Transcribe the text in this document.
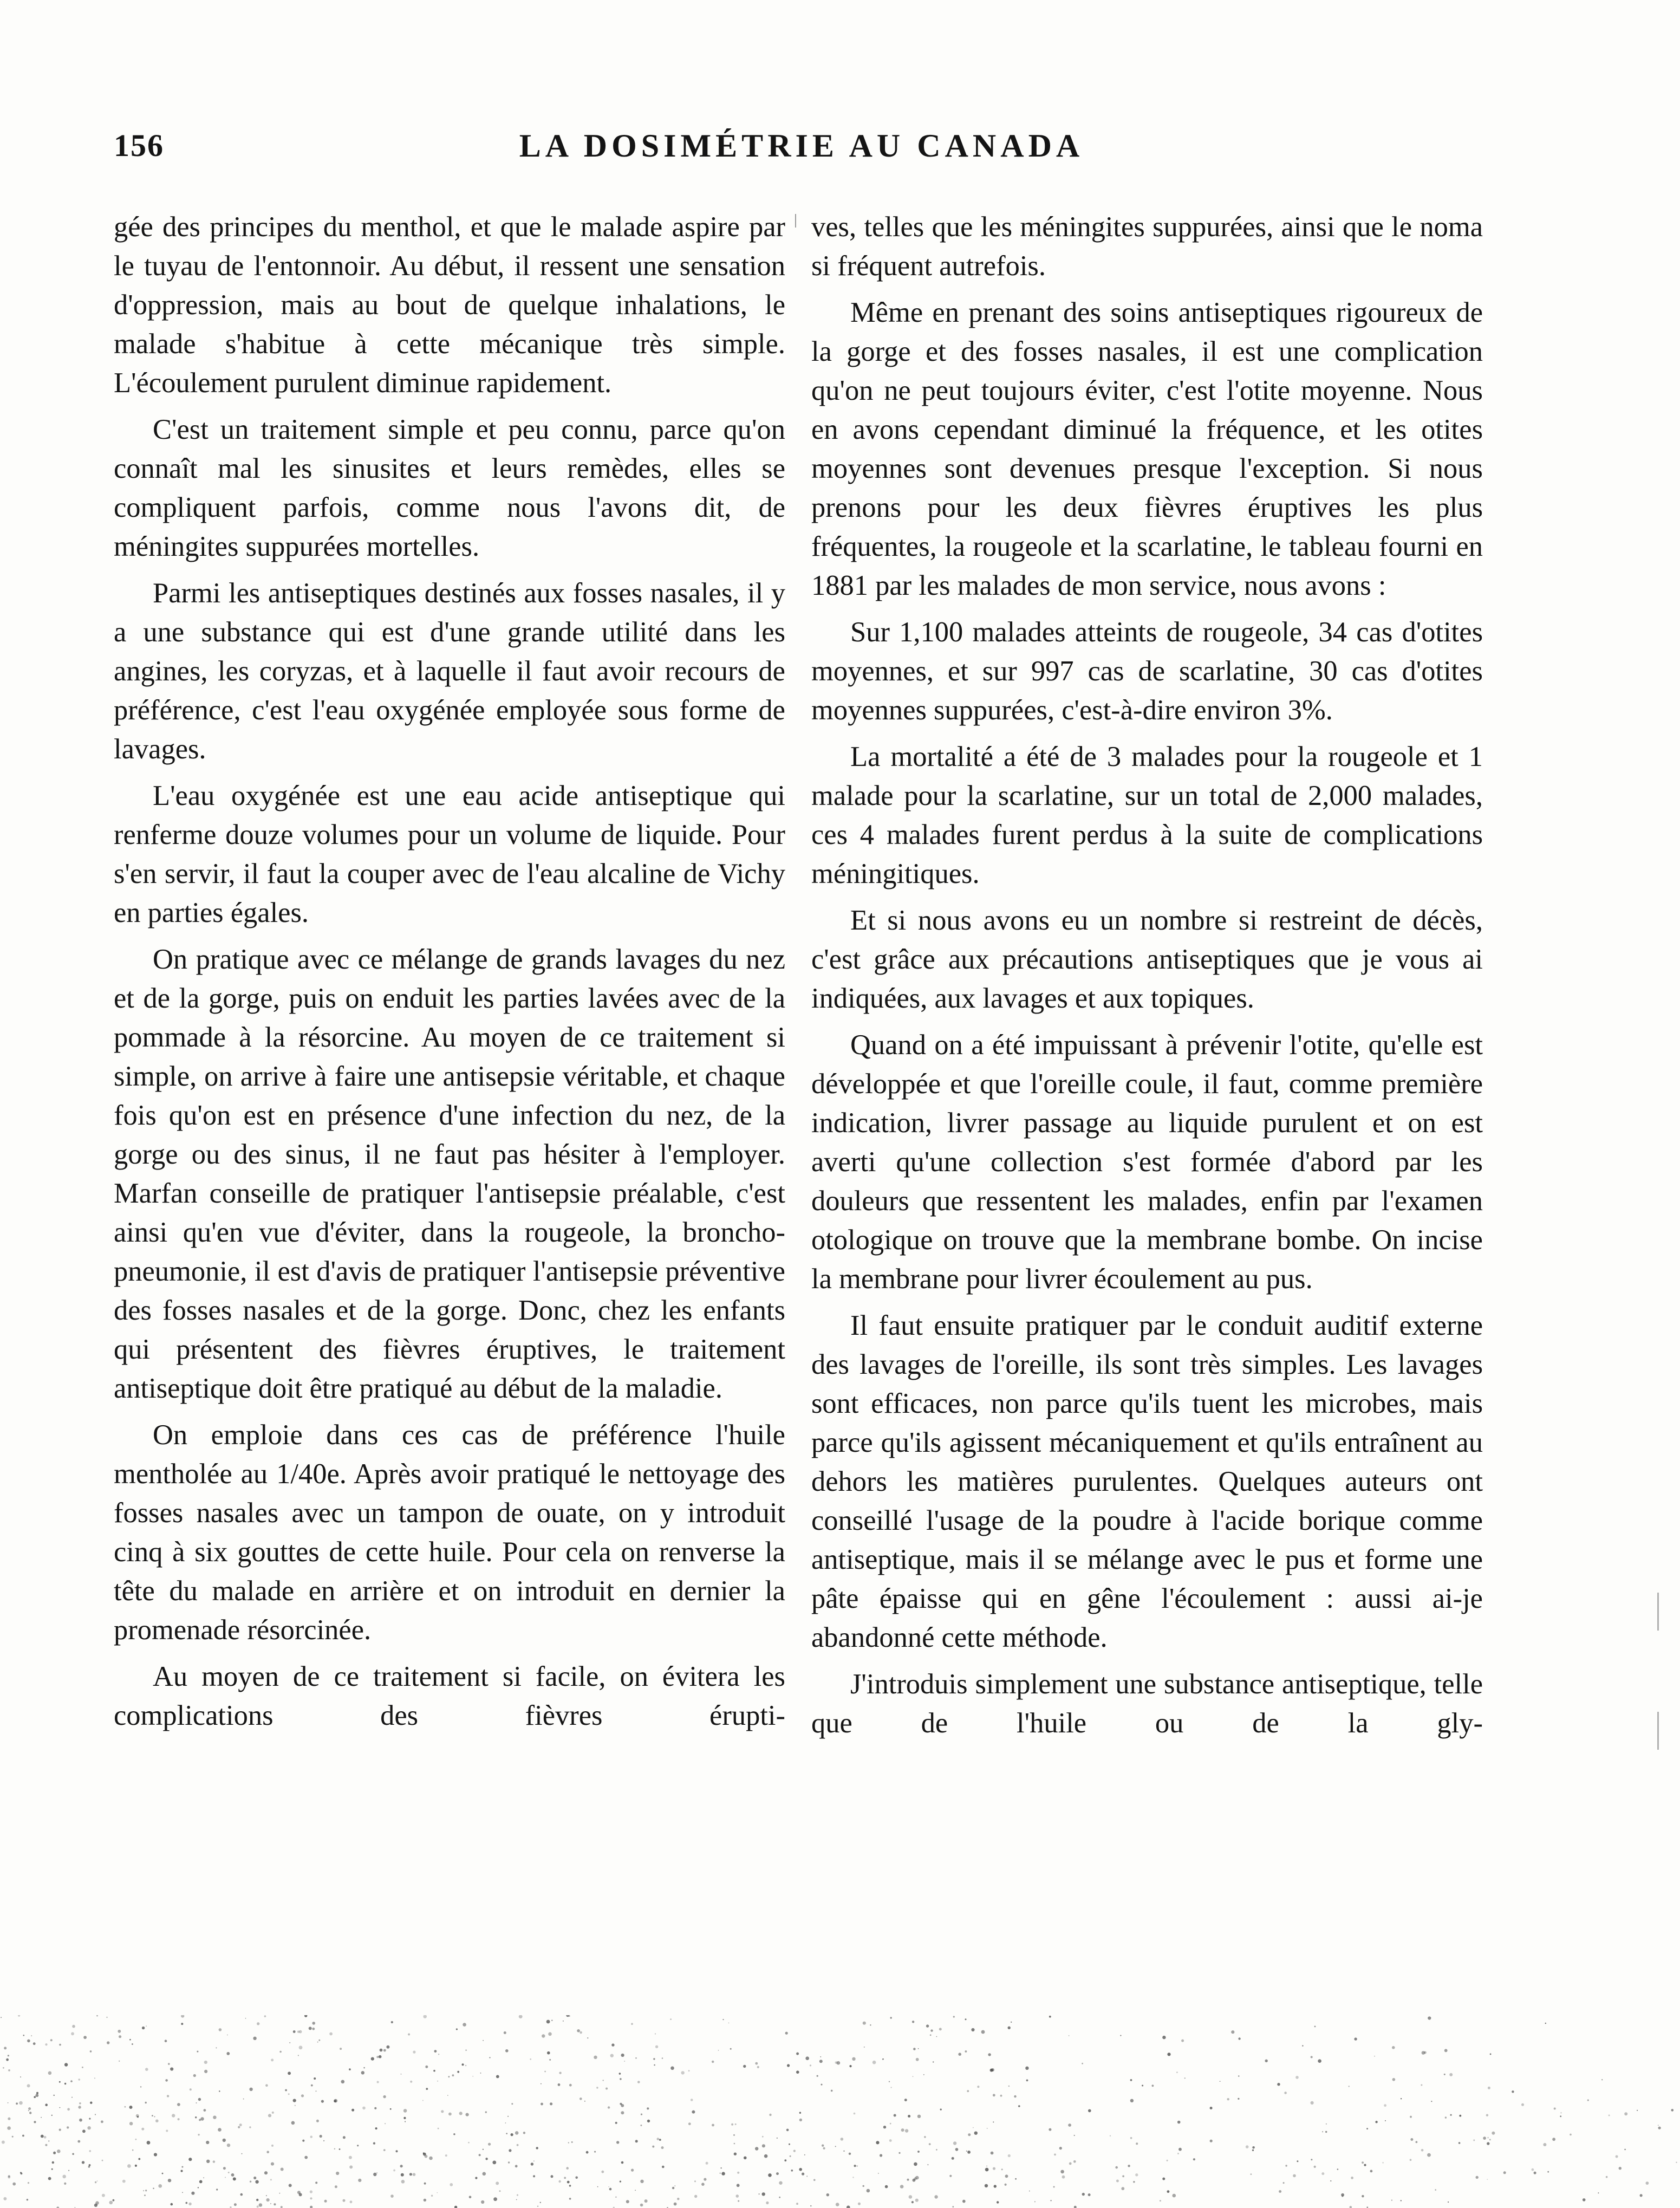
156	LA DOSIMÉTRIE AU CANADA

gée des principes du menthol, et que le malade aspire par le tuyau de l'entonnoir. Au début, il ressent une sensation d'oppression, mais au bout de quelque inhalations, le malade s'habitue à cette mécanique très simple. L'écoulement purulent diminue rapidement.

C'est un traitement simple et peu connu, parce qu'on connaît mal les sinusites et leurs remèdes, elles se compliquent parfois, comme nous l'avons dit, de méningites suppurées mortelles.

Parmi les antiseptiques destinés aux fosses nasales, il y a une substance qui est d'une grande utilité dans les angines, les coryzas, et à laquelle il faut avoir recours de préférence, c'est l'eau oxygénée employée sous forme de lavages.

L'eau oxygénée est une eau acide antiseptique qui renferme douze volumes pour un volume de liquide. Pour s'en servir, il faut la couper avec de l'eau alcaline de Vichy en parties égales.

On pratique avec ce mélange de grands lavages du nez et de la gorge, puis on enduit les parties lavées avec de la pommade à la résorcine. Au moyen de ce traitement si simple, on arrive à faire une antisepsie véritable, et chaque fois qu'on est en présence d'une infection du nez, de la gorge ou des sinus, il ne faut pas hésiter à l'employer. Marfan conseille de pratiquer l'antisepsie préalable, c'est ainsi qu'en vue d'éviter, dans la rougeole, la broncho-pneumonie, il est d'avis de pratiquer l'antisepsie préventive des fosses nasales et de la gorge. Donc, chez les enfants qui présentent des fièvres éruptives, le traitement antiseptique doit être pratiqué au début de la maladie.

On emploie dans ces cas de préférence l'huile mentholée au 1/40e. Après avoir pratiqué le nettoyage des fosses nasales avec un tampon de ouate, on y introduit cinq à six gouttes de cette huile. Pour cela on renverse la tête du malade en arrière et on introduit en dernier la promenade résorcinée.

Au moyen de ce traitement si facile, on évitera les complications des fièvres érupti-

ves, telles que les méningites suppurées, ainsi que le noma si fréquent autrefois.

Même en prenant des soins antiseptiques rigoureux de la gorge et des fosses nasales, il est une complication qu'on ne peut toujours éviter, c'est l'otite moyenne. Nous en avons cependant diminué la fréquence, et les otites moyennes sont devenues presque l'exception. Si nous prenons pour les deux fièvres éruptives les plus fréquentes, la rougeole et la scarlatine, le tableau fourni en 1881 par les malades de mon service, nous avons :

Sur 1,100 malades atteints de rougeole, 34 cas d'otites moyennes, et sur 997 cas de scarlatine, 30 cas d'otites moyennes suppurées, c'est-à-dire environ 3%.

La mortalité a été de 3 malades pour la rougeole et 1 malade pour la scarlatine, sur un total de 2,000 malades, ces 4 malades furent perdus à la suite de complications méningitiques.

Et si nous avons eu un nombre si restreint de décès, c'est grâce aux précautions antiseptiques que je vous ai indiquées, aux lavages et aux topiques.

Quand on a été impuissant à prévenir l'otite, qu'elle est développée et que l'oreille coule, il faut, comme première indication, livrer passage au liquide purulent et on est averti qu'une collection s'est formée d'abord par les douleurs que ressentent les malades, enfin par l'examen otologique on trouve que la membrane bombe. On incise la membrane pour livrer écoulement au pus.

Il faut ensuite pratiquer par le conduit auditif externe des lavages de l'oreille, ils sont très simples. Les lavages sont efficaces, non parce qu'ils tuent les microbes, mais parce qu'ils agissent mécaniquement et qu'ils entraînent au dehors les matières purulentes. Quelques auteurs ont conseillé l'usage de la poudre à l'acide borique comme antiseptique, mais il se mélange avec le pus et forme une pâte épaisse qui en gêne l'écoulement : aussi ai-je abandonné cette méthode.

J'introduis simplement une substance antiseptique, telle que de l'huile ou de la gly-
